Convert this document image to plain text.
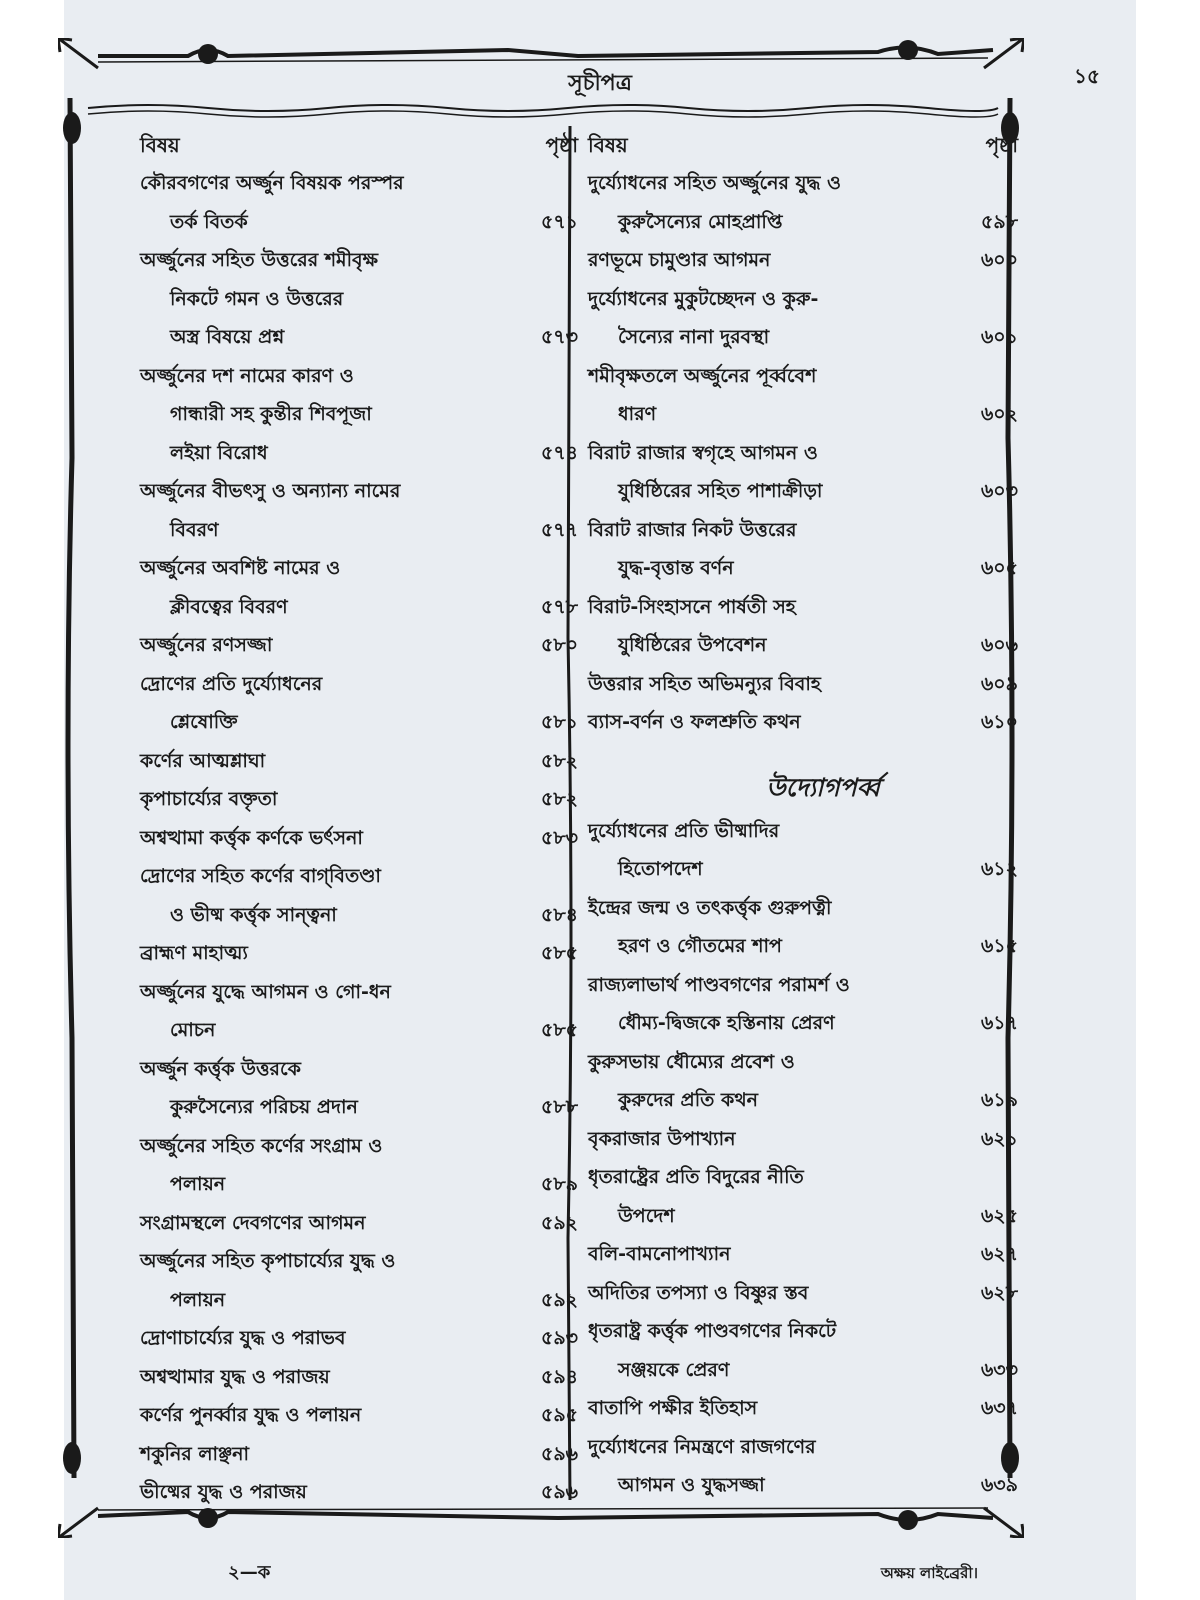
সূচীপত্র	১৫
বিষয়	পৃষ্ঠা
কৌরবগণের অর্জ্জুন বিষয়ক পরস্পর
তর্ক বিতর্ক	৫৭১
অর্জ্জুনের সহিত উত্তরের শমীবৃক্ষ
নিকটে গমন ও উত্তরের
অস্ত্র বিষয়ে প্রশ্ন	৫৭৩
অর্জ্জুনের দশ নামের কারণ ও
গান্ধারী সহ কুন্তীর শিবপূজা
লইয়া বিরোধ	৫৭৪
অর্জ্জুনের বীভৎসু ও অন্যান্য নামের
বিবরণ	৫৭৭
অর্জ্জুনের অবশিষ্ট নামের ও
ক্লীবত্বের বিবরণ	৫৭৮
অর্জ্জুনের রণসজ্জা	৫৮০
দ্রোণের প্রতি দুর্য্যোধনের
শ্লেষোক্তি	৫৮১
কর্ণের আত্মশ্লাঘা	৫৮২
কৃপাচার্য্যের বক্তৃতা	৫৮২
অশ্বত্থামা কর্ত্তৃক কর্ণকে ভর্ৎসনা	৫৮৩
দ্রোণের সহিত কর্ণের বাগ্‌বিতণ্ডা
ও ভীষ্ম কর্ত্তৃক সান্ত্বনা	৫৮৪
ব্রাহ্মণ মাহাত্ম্য	৫৮৫
অর্জ্জুনের যুদ্ধে আগমন ও গো-ধন
মোচন	৫৮৫
অর্জ্জুন কর্ত্তৃক উত্তরকে
কুরুসৈন্যের পরিচয় প্রদান	৫৮৮
অর্জ্জুনের সহিত কর্ণের সংগ্রাম ও
পলায়ন	৫৮৯
সংগ্রামস্থলে দেবগণের আগমন	৫৯২
অর্জ্জুনের সহিত কৃপাচার্য্যের যুদ্ধ ও
পলায়ন	৫৯২
দ্রোণাচার্য্যের যুদ্ধ ও পরাভব	৫৯৩
অশ্বত্থামার যুদ্ধ ও পরাজয়	৫৯৪
কর্ণের পুনর্ব্বার যুদ্ধ ও পলায়ন	৫৯৫
শকুনির লাঞ্ছনা	৫৯৬
ভীষ্মের যুদ্ধ ও পরাজয়	৫৯৬
বিষয়	পৃষ্ঠা
দুর্য্যোধনের সহিত অর্জ্জুনের যুদ্ধ ও
কুরুসৈন্যের মোহপ্রাপ্তি	৫৯৮
রণভূমে চামুণ্ডার আগমন	৬০০
দুর্য্যোধনের মুকুটচ্ছেদন ও কুরু-
সৈন্যের নানা দুরবস্থা	৬০১
শমীবৃক্ষতলে অর্জ্জুনের পূর্ব্ববেশ
ধারণ	৬০২
বিরাট রাজার স্বগৃহে আগমন ও
যুধিষ্ঠিরের সহিত পাশাক্রীড়া	৬০৩
বিরাট রাজার নিকট উত্তরের
যুদ্ধ-বৃত্তান্ত বর্ণন	৬০৫
বিরাট-সিংহাসনে পার্ষতী সহ
যুধিষ্ঠিরের উপবেশন	৬০৬
উত্তরার সহিত অভিমন্যুর বিবাহ	৬০৯
ব্যাস-বর্ণন ও ফলশ্রুতি কথন	৬১০
উদ্যোগপর্ব্ব
দুর্য্যোধনের প্রতি ভীষ্মাদির
হিতোপদেশ	৬১২
ইন্দ্রের জন্ম ও তৎকর্ত্তৃক গুরুপত্নী
হরণ ও গৌতমের শাপ	৬১৫
রাজ্যলাভার্থ পাণ্ডবগণের পরামর্শ ও
ধৌম্য-দ্বিজকে হস্তিনায় প্রেরণ	৬১৭
কুরুসভায় ধৌম্যের প্রবেশ ও
কুরুদের প্রতি কথন	৬১৯
বৃকরাজার উপাখ্যান	৬২১
ধৃতরাষ্ট্রের প্রতি বিদুরের নীতি
উপদেশ	৬২৫
বলি-বামনোপাখ্যান	৬২৭
অদিতির তপস্যা ও বিষ্ণুর স্তব	৬২৮
ধৃতরাষ্ট্র কর্ত্তৃক পাণ্ডবগণের নিকটে
সঞ্জয়কে প্রেরণ	৬৩৩
বাতাপি পক্ষীর ইতিহাস	৬৩৭
দুর্য্যোধনের নিমন্ত্রণে রাজগণের
আগমন ও যুদ্ধসজ্জা	৬৩৯
২—ক	অক্ষয় লাইব্রেরী।
